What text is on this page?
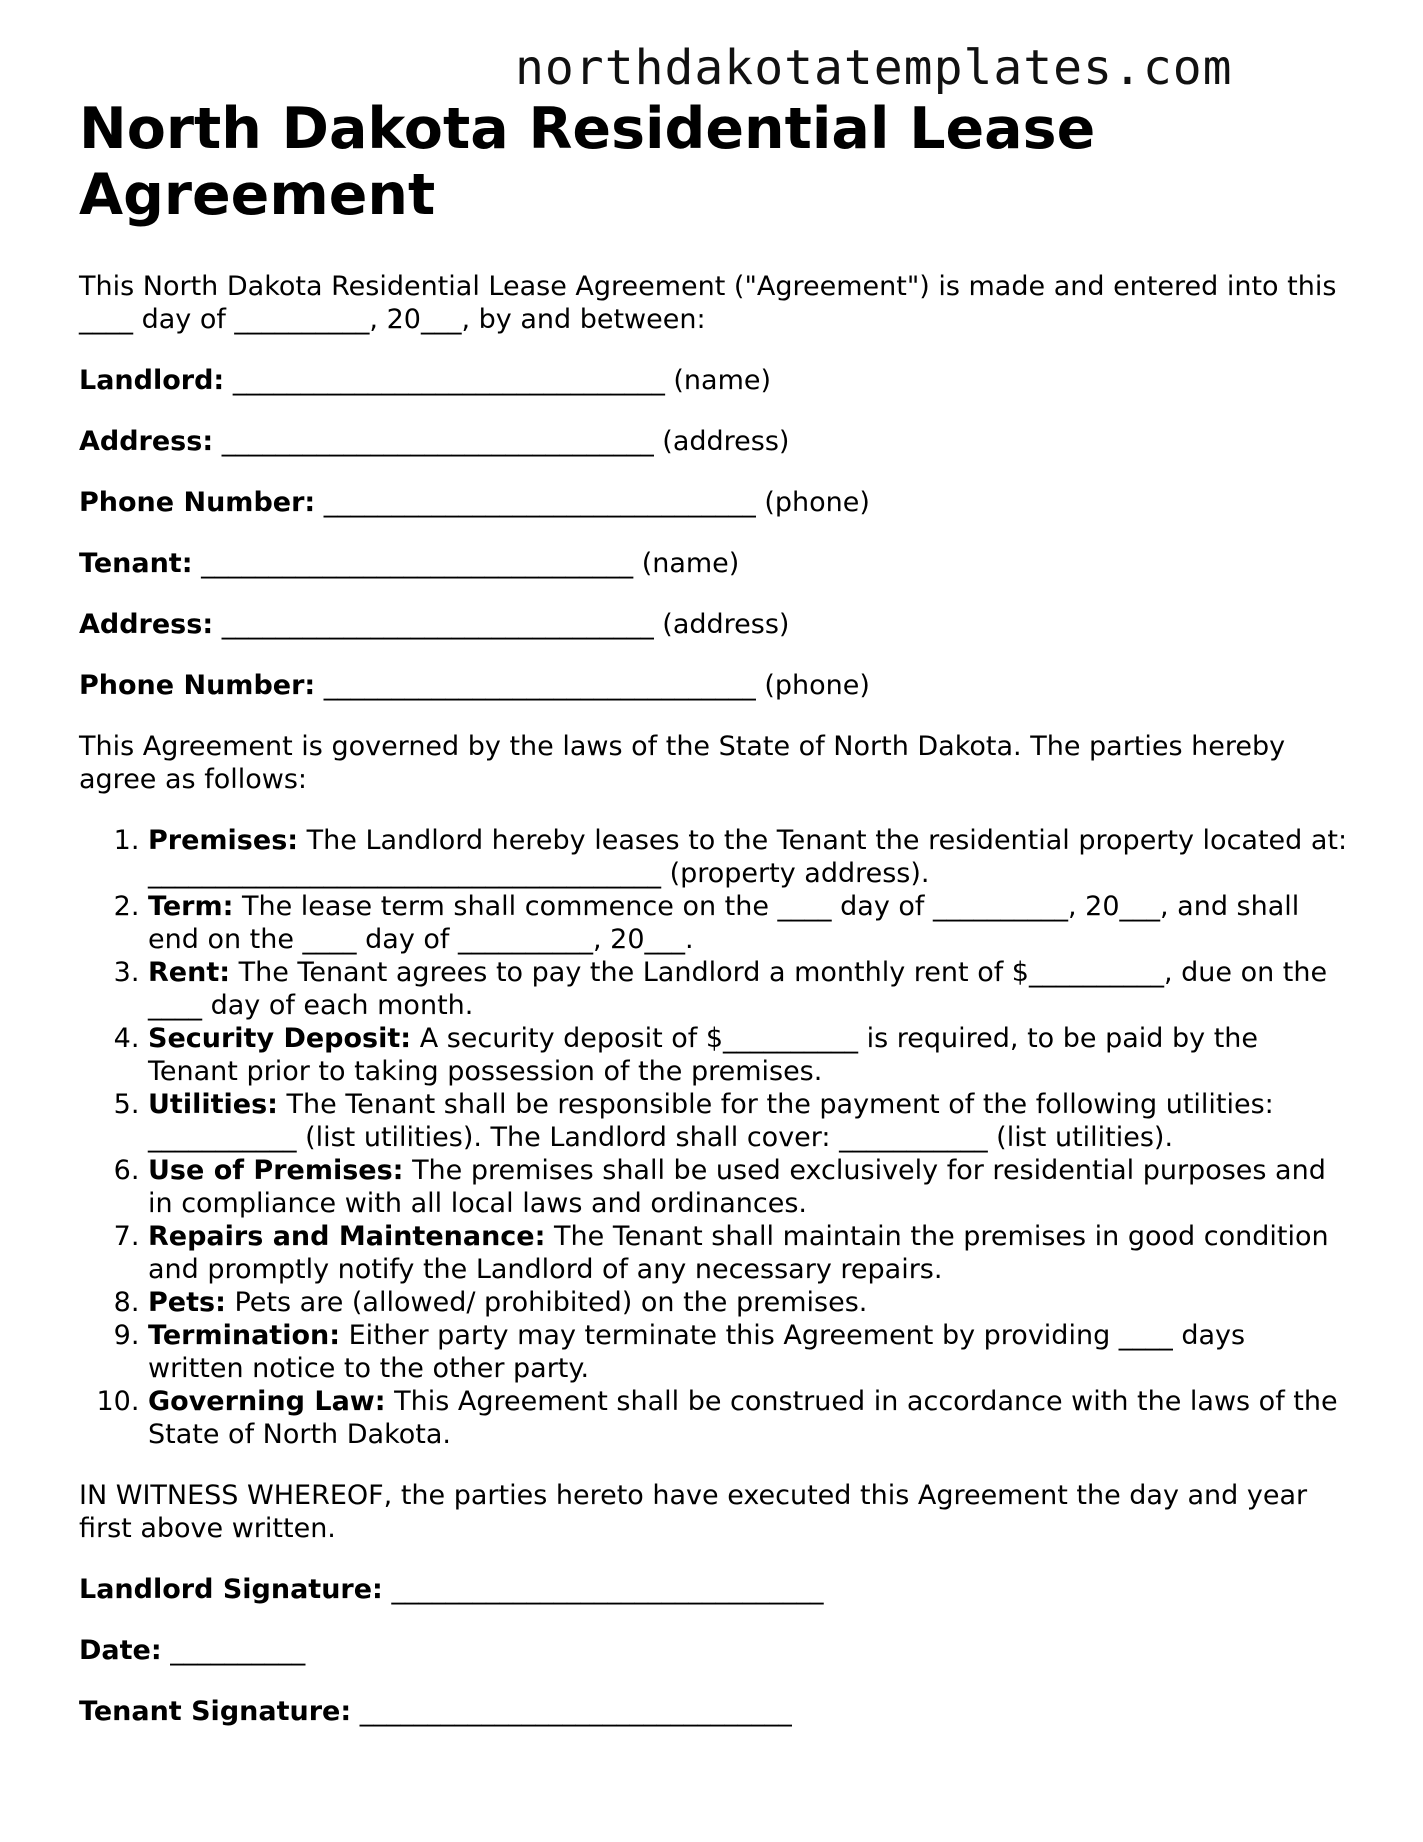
northdakotatemplates.com
North Dakota Residential Lease Agreement

This North Dakota Residential Lease Agreement ("Agreement") is made and entered into this ____ day of __________, 20___, by and between:

Landlord: ________________________________ (name)

Address: ________________________________ (address)

Phone Number: ________________________________ (phone)

Tenant: ________________________________ (name)

Address: ________________________________ (address)

Phone Number: ________________________________ (phone)

This Agreement is governed by the laws of the State of North Dakota. The parties hereby agree as follows:

1. Premises: The Landlord hereby leases to the Tenant the residential property located at: ______________________________________ (property address).
2. Term: The lease term shall commence on the ____ day of __________, 20___, and shall end on the ____ day of __________, 20___.
3. Rent: The Tenant agrees to pay the Landlord a monthly rent of $__________, due on the ____ day of each month.
4. Security Deposit: A security deposit of $__________ is required, to be paid by the Tenant prior to taking possession of the premises.
5. Utilities: The Tenant shall be responsible for the payment of the following utilities: ___________ (list utilities). The Landlord shall cover: ___________ (list utilities).
6. Use of Premises: The premises shall be used exclusively for residential purposes and in compliance with all local laws and ordinances.
7. Repairs and Maintenance: The Tenant shall maintain the premises in good condition and promptly notify the Landlord of any necessary repairs.
8. Pets: Pets are (allowed/ prohibited) on the premises.
9. Termination: Either party may terminate this Agreement by providing ____ days written notice to the other party.
10. Governing Law: This Agreement shall be construed in accordance with the laws of the State of North Dakota.

IN WITNESS WHEREOF, the parties hereto have executed this Agreement the day and year first above written.

Landlord Signature: ________________________________

Date: __________

Tenant Signature: ________________________________
